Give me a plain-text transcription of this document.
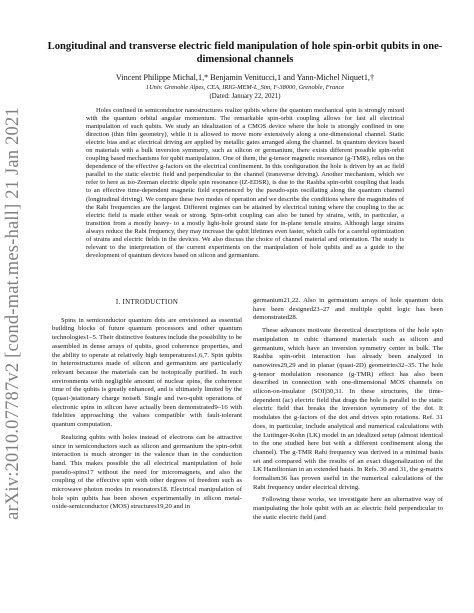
arXiv:2010.07787v2 [cond-mat.mes-hall] 21 Jan 2021
Longitudinal and transverse electric field manipulation of hole spin-orbit qubits in one-dimensional channels
Vincent Philippe Michal,1,* Benjamin Venitucci,1 and Yann-Michel Niquet1,†
1Univ. Grenoble Alpes, CEA, IRIG-MEM-L_Sim, F-38000, Grenoble, France
(Dated: January 22, 2021)

Holes confined in semiconductor nanostructures realize qubits where the quantum mechanical spin is strongly mixed with the quantum orbital angular momentum. The remarkable spin-orbit coupling allows for fast all electrical manipulation of such qubits. We study an idealization of a CMOS device where the hole is strongly confined in one direction (thin film geometry), while it is allowed to move more extensively along a one-dimensional channel. Static electric bias and ac electrical driving are applied by metallic gates arranged along the channel. In quantum devices based on materials with a bulk inversion symmetry, such as silicon or germanium, there exists different possible spin-orbit coupling based mechanisms for qubit manipulation. One of them, the g-tensor magnetic resonance (g-TMR), relies on the dependence of the effective g-factors on the electrical confinement. In this configuration the hole is driven by an ac field parallel to the static electric field and perpendicular to the channel (transverse driving). Another mechanism, which we refer to here as iso-Zeeman electric dipole spin resonance (IZ-EDSR), is due to the Rashba spin-orbit coupling that leads to an effective time-dependent magnetic field experienced by the pseudo-spin oscillating along the quantum channel (longitudinal driving). We compare these two modes of operation and we describe the conditions where the magnitudes of the Rabi frequencies are the largest. Different regimes can be attained by electrical tuning where the coupling to the ac electric field is made either weak or strong. Spin-orbit coupling can also be tuned by strains, with, in particular, a transition from a mostly heavy- to a mostly light-hole ground state for in-plane tensile strains. Although large strains always reduce the Rabi frequency, they may increase the qubit lifetimes even faster, which calls for a careful optimization of strains and electric fields in the devices. We also discuss the choice of channel material and orientation. The study is relevant to the interpretation of the current experiments on the manipulation of hole qubits and as a guide to the development of quantum devices based on silicon and germanium.

I. INTRODUCTION

Spins in semiconductor quantum dots are envisioned as essential building blocks of future quantum processors and other quantum technologies1–5. Their distinctive features include the possibility to be assembled in dense arrays of qubits, good coherence properties, and the ability to operate at relatively high temperatures1,6,7. Spin qubits in heterostructures made of silicon and germanium are particularly relevant because the materials can be isotopically purified. In such environments with negligible amount of nuclear spins, the coherence time of the qubits is greatly enhanced, and is ultimately limited by the (quasi-)stationary charge noise8. Single and two-qubit operations of electronic spins in silicon have actually been demonstrated9–16 with fidelities approaching the values compatible with fault-tolerant quantum computation.

Realizing qubits with holes instead of electrons can be attractive since in semiconductors such as silicon and germanium the spin-orbit interaction is much stronger in the valence than in the conduction band. This makes possible the all electrical manipulation of hole pseudo-spins17 without the need for micromagnets, and also the coupling of the effective spin with other degrees of freedom such as microwave photon modes in resonators18. Electrical manipulation of hole spin qubits has been shown experimentally in silicon metal-oxide-semiconductor (MOS) structures19,20 and in

germanium21,22. Also in germanium arrays of hole quantum dots have been designed23–27 and multiple qubit logic has been demonstrated28.

These advances motivate theoretical descriptions of the hole spin manipulation in cubic diamond materials such as silicon and germanium, which have an inversion symmetry center in bulk. The Rashba spin-orbit interaction has already been analyzed in nanowires29,29 and in planar (quasi-2D) geometries32–35. The hole g-tensor modulation resonance (g-TMR) effect has also been described in connection with one-dimensional MOS channels on silicon-on-insulator (SOI)30,31. In these structures, the time-dependent (ac) electric field that drags the hole is parallel to the static electric field that breaks the inversion symmetry of the dot. It modulates the g-factors of the dot and drives spin rotations. Ref. 31 does, in particular, include analytical and numerical calculations with the Luttinger-Kohn (LK) model in an idealized setup (almost identical to the one studied here but with a different confinement along the channel). The g-TMR Rabi frequency was derived in a minimal basis set and compared with the results of an exact diagonalization of the LK Hamiltonian in an extended basis. In Refs. 30 and 31, the g-matrix formalism36 has proven useful in the numerical calculations of the Rabi frequency under electrical driving.

Following these works, we investigate here an alternative way of manipulating the hole qubit with an ac electric field perpendicular to the static electric field (and
